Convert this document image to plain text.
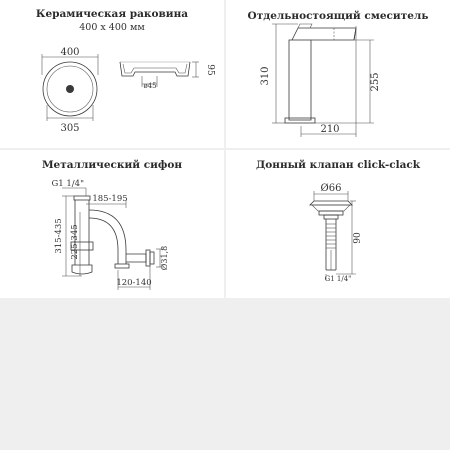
Керамическая раковина
400 х 400 мм
400
305
95
ø45
Отдельностоящий смеситель
310	255
210
Металлический сифон
G1 1/4"
185-195
315-435 225-345	Ø31,8
120-140
Донный клапан click-clack
Ø66
90
G1 1/4"
